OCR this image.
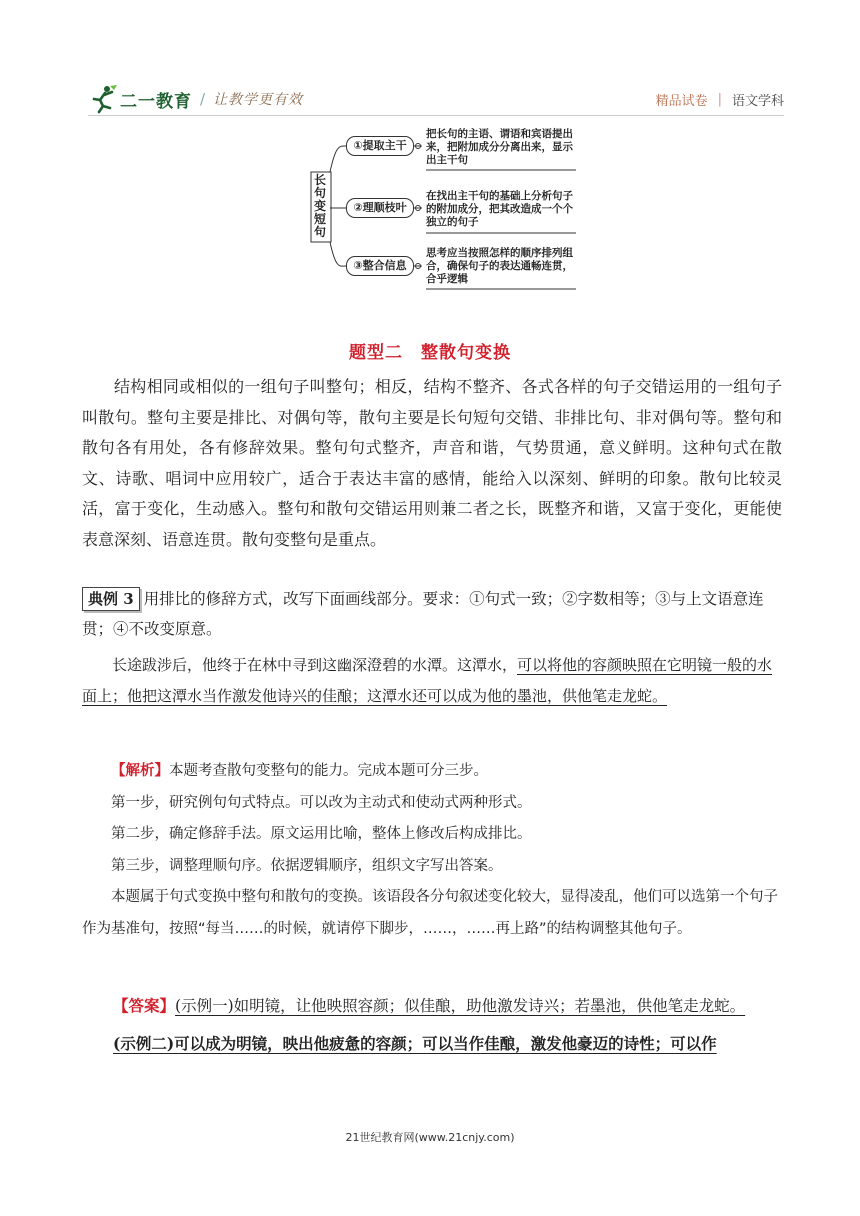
二一教育 / 让教学更有效	精品试卷 | 语文学科
长
句
变
短
句
①提取主干
把长句的主语、谓语和宾语提出来，把附加成分分离出来，显示出主干句
②理顺枝叶
在找出主干句的基础上分析句子的附加成分，把其改造成一个个独立的句子
③整合信息
思考应当按照怎样的顺序排列组合，确保句子的表达通畅连贯，合乎逻辑
题型二　整散句变换
结构相同或相似的一组句子叫整句；相反，结构不整齐、各式各样的句子交错运用的一组句子叫散句。整句主要是排比、对偶句等，散句主要是长句短句交错、非排比句、非对偶句等。整句和散句各有用处，各有修辞效果。整句句式整齐，声音和谐，气势贯通，意义鲜明。这种句式在散文、诗歌、唱词中应用较广，适合于表达丰富的感情，能给入以深刻、鲜明的印象。散句比较灵活，富于变化，生动感入。整句和散句交错运用则兼二者之长，既整齐和谐，又富于变化，更能使表意深刻、语意连贯。散句变整句是重点。
典例 3 用排比的修辞方式，改写下面画线部分。要求：①句式一致；②字数相等；③与上文语意连贯；④不改变原意。
长途跋涉后，他终于在林中寻到这幽深澄碧的水潭。这潭水，可以将他的容颜映照在它明镜一般的水面上；他把这潭水当作激发他诗兴的佳酿；这潭水还可以成为他的墨池，供他笔走龙蛇。
【解析】本题考查散句变整句的能力。完成本题可分三步。
第一步，研究例句句式特点。可以改为主动式和使动式两种形式。
第二步，确定修辞手法。原文运用比喻，整体上修改后构成排比。
第三步，调整理顺句序。依据逻辑顺序，组织文字写出答案。
本题属于句式变换中整句和散句的变换。该语段各分句叙述变化较大，显得凌乱，他们可以选第一个句子作为基准句，按照“每当……的时候，就请停下脚步，……，……再上路”的结构调整其他句子。
【答案】(示例一)如明镜，让他映照容颜；似佳酿，助他激发诗兴；若墨池，供他笔走龙蛇。
(示例二)可以成为明镜，映出他疲惫的容颜；可以当作佳酿，激发他豪迈的诗性；可以作
21世纪教育网(www.21cnjy.com)
